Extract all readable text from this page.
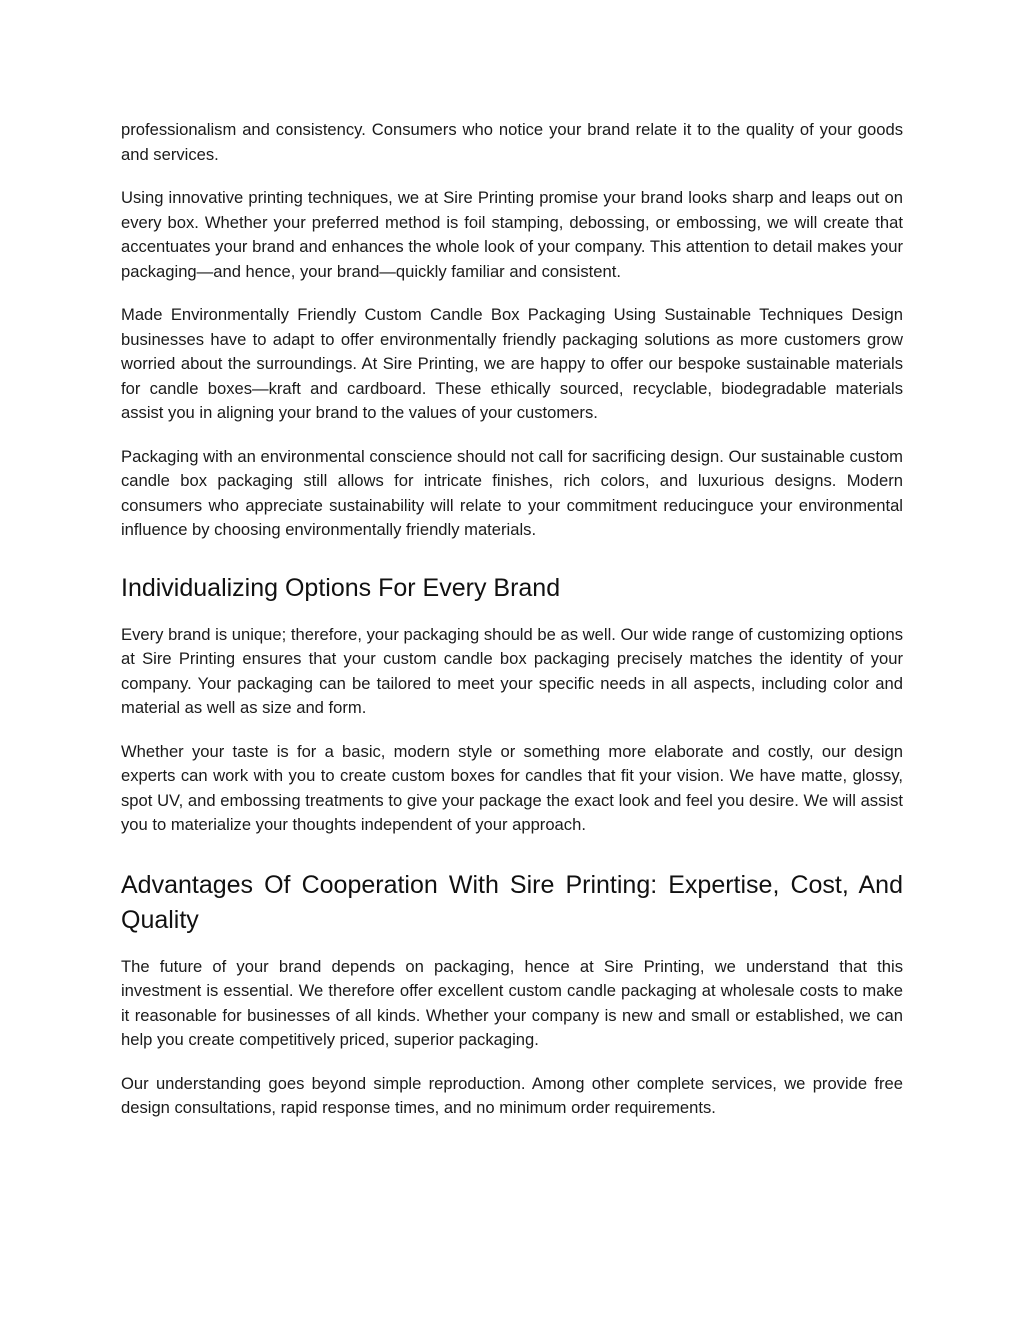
professionalism and consistency. Consumers who notice your brand relate it to the quality of your goods and services.

Using innovative printing techniques, we at Sire Printing promise your brand looks sharp and leaps out on every box. Whether your preferred method is foil stamping, debossing, or embossing, we will create that accentuates your brand and enhances the whole look of your company. This attention to detail makes your packaging—and hence, your brand—quickly familiar and consistent.

Made Environmentally Friendly Custom Candle Box Packaging Using Sustainable Techniques Design businesses have to adapt to offer environmentally friendly packaging solutions as more customers grow worried about the surroundings. At Sire Printing, we are happy to offer our bespoke sustainable materials for candle boxes—kraft and cardboard. These ethically sourced, recyclable, biodegradable materials assist you in aligning your brand to the values of your customers.

Packaging with an environmental conscience should not call for sacrificing design. Our sustainable custom candle box packaging still allows for intricate finishes, rich colors, and luxurious designs. Modern consumers who appreciate sustainability will relate to your commitment reducinguce your environmental influence by choosing environmentally friendly materials.

Individualizing Options For Every Brand

Every brand is unique; therefore, your packaging should be as well. Our wide range of customizing options at Sire Printing ensures that your custom candle box packaging precisely matches the identity of your company. Your packaging can be tailored to meet your specific needs in all aspects, including color and material as well as size and form.

Whether your taste is for a basic, modern style or something more elaborate and costly, our design experts can work with you to create custom boxes for candles that fit your vision. We have matte, glossy, spot UV, and embossing treatments to give your package the exact look and feel you desire. We will assist you to materialize your thoughts independent of your approach.

Advantages Of Cooperation With Sire Printing: Expertise, Cost, And Quality

The future of your brand depends on packaging, hence at Sire Printing, we understand that this investment is essential. We therefore offer excellent custom candle packaging at wholesale costs to make it reasonable for businesses of all kinds. Whether your company is new and small or established, we can help you create competitively priced, superior packaging.

Our understanding goes beyond simple reproduction. Among other complete services, we provide free design consultations, rapid response times, and no minimum order requirements.
